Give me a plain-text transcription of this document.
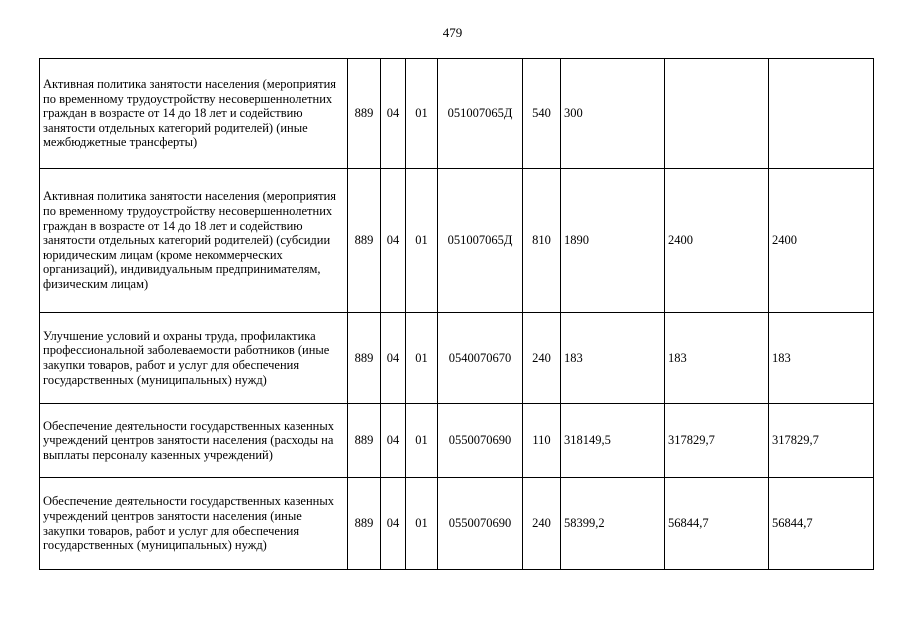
479
Активная политика занятости населения (мероприятия по временному трудоустройству несовершеннолетних граждан в возрасте от 14 до 18 лет и содействию занятости отдельных категорий родителей) (иные межбюджетные трансферты)	889	04	01	051007065Д	540	300		
Активная политика занятости населения (мероприятия по временному трудоустройству несовершеннолетних граждан в возрасте от 14 до 18 лет и содействию занятости отдельных категорий родителей) (субсидии юридическим лицам (кроме некоммерческих организаций), индивидуальным предпринимателям, физическим лицам)	889	04	01	051007065Д	810	1890	2400	2400
Улучшение условий и охраны труда, профилактика профессиональной заболеваемости работников (иные закупки товаров, работ и услуг для обеспечения государственных (муниципальных) нужд)	889	04	01	0540070670	240	183	183	183
Обеспечение деятельности государственных казенных учреждений центров занятости населения (расходы на выплаты персоналу казенных учреждений)	889	04	01	0550070690	110	318149,5	317829,7	317829,7
Обеспечение деятельности государственных казенных учреждений центров занятости населения (иные закупки товаров, работ и услуг для обеспечения государственных (муниципальных) нужд)	889	04	01	0550070690	240	58399,2	56844,7	56844,7
